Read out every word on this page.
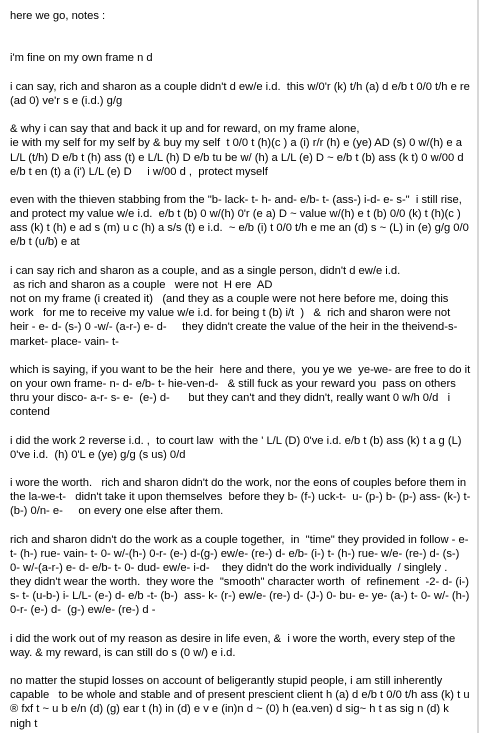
here we go, notes :

i'm fine on my own frame n d

i can say, rich and sharon as a couple didn't d ew/e i.d.  this w/0'r (k) t/h (a) d e/b t 0/0 t/h e re (ad 0) ve'r s e (i.d.) g/g

& why i can say that and back it up and for reward, on my frame alone,
ie with my self for my self by & buy my self  t 0/0 t (h)(c ) a (i) r/r (h) e (ye) AD (s) 0 w/(h) e a L/L (t/h) D e/b t (h) ass (t) e L/L (h) D e/b tu be w/ (h) a L/L (e) D ~ e/b t (b) ass (k t) 0 w/00 d e/b t en (t) a (i') L/L (e) D     i w/00 d ,  protect myself

even with the thieven stabbing from the "b- lack- t- h- and- e/b- t- (ass-) i-d- e- s-"  i still rise, and protect my value w/e i.d.  e/b t (b) 0 w/(h) 0'r (e a) D ~ value w/(h) e t (b) 0/0 (k) t (h)(c ) ass (k) t (h) e ad s (m) u c (h) a s/s (t) e i.d.  ~ e/b (i) t 0/0 t/h e me an (d) s ~ (L) in (e) g/g 0/0 e/b t (u/b) e at

i can say rich and sharon as a couple, and as a single person, didn't d ew/e i.d.
as rich and sharon as a couple   were not  H ere  AD
not on my frame (i created it)   (and they as a couple were not here before me, doing this work   for me to receive my value w/e i.d. for being t (b) i/t  )   &  rich and sharon were not heir - e- d- (s-) 0 -w/- (a-r-) e- d-     they didn't create the value of the heir in the theivend-s-   market- place- vain- t-

which is saying, if you want to be the heir  here and there,  you ye we  ye-we- are free to do it on your own frame- n- d- e/b- t- hie-ven-d-   & still fuck as your reward you  pass on others thru your disco- a-r- s- e-  (e-) d-      but they can't and they didn't, really want 0 w/h 0/d   i contend

i did the work 2 reverse i.d. ,  to court law  with the ' L/L (D) 0've i.d. e/b t (b) ass (k) t a g (L) 0've i.d.  (h) 0'L e (ye) g/g (s us) 0/d

i wore the worth.   rich and sharon didn't do the work, nor the eons of couples before them in the la-we-t-   didn't take it upon themselves  before they b- (f-) uck-t-  u- (p-) b- (p-) ass- (k-) t- (b-) 0/n- e-     on every one else after them.

rich and sharon didn't do the work as a couple together,  in  "time" they provided in follow - e- t- (h-) rue- vain- t- 0- w/-(h-) 0-r- (e-) d-(g-) ew/e- (re-) d- e/b- (i-) t- (h-) rue- w/e- (re-) d- (s-) 0- w/-(a-r-) e- d- e/b- t- 0- dud- ew/e- i-d-    they didn't do the work individually  / singlely .  they didn't wear the worth.  they wore the  "smooth" character worth  of  refinement  -2- d- (i-) s- t- (u-b-) i- L/L- (e-) d- e/b -t- (b-)  ass- k- (r-) ew/e- (re-) d- (J-) 0- bu- e- ye- (a-) t- 0- w/- (h-) 0-r- (e-) d-  (g-) ew/e- (re-) d -

i did the work out of my reason as desire in life even, &  i wore the worth, every step of the way. & my reward, is can still do s (0 w/) e i.d.

no matter the stupid losses on account of beligerantly stupid people, i am still inherently capable   to be whole and stable and of present prescient client h (a) d e/b t 0/0 t/h ass (k) t u ® fxf t ~ u b e/n (d) (g) ear t (h) in (d) e v e (in)n d ~ (0) h (ea.ven) d sig~ h t as sig n (d) k nigh t
